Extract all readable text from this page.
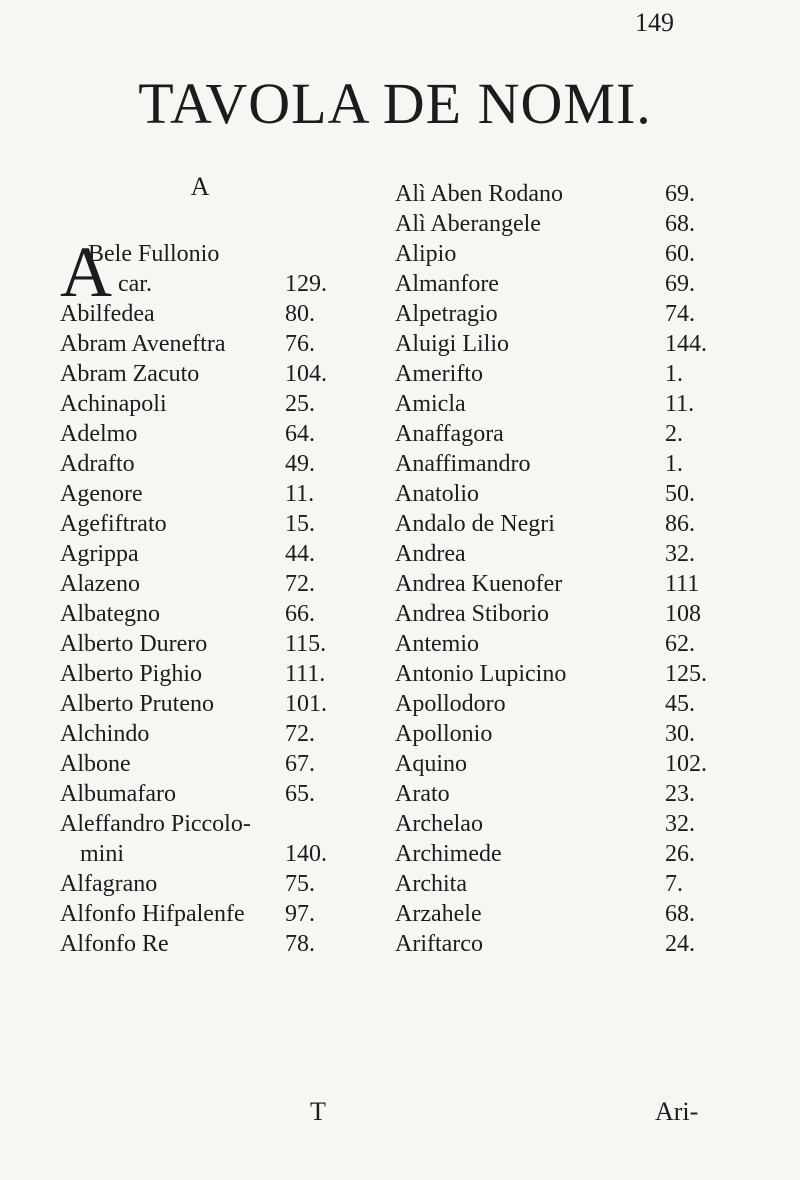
149
TAVOLA DE NOMI.
A
A
Bele Fullonio
car.	129.
Abilfedea	80.
Abram Aveneftra 76.
Abram Zacuto	104.
Achinapoli	25.
Adelmo	64.
Adrafto	49.
Agenore	11.
Agefiftrato	15.
Agrippa	44.
Alazeno	72.
Albategno	66.
Alberto Durero	115.
Alberto Pighio	111.
Alberto Pruteno	101.
Alchindo	72.
Albone	67.
Albumafaro	65.
Aleffandro Piccolo-
mini	140.
Alfagrano	75.
Alfonfo Hifpalenfe 97.
Alfonfo Re	78.
Alì Aben Rodano	69.
Alì Aberangele	68.
Alipio	60.
Almanfore	69.
Alpetragio	74.
Aluigi Lilio	144.
Amerifto	1.
Amicla	11.
Anaffagora	2.
Anaffimandro	1.
Anatolio	50.
Andalo de Negri	86.
Andrea	32.
Andrea Kuenofer	111
Andrea Stiborio	108
Antemio	62.
Antonio Lupicino	125.
Apollodoro	45.
Apollonio	30.
Aquino	102.
Arato	23.
Archelao	32.
Archimede	26.
Archita	7.
Arzahele	68.
Ariftarco	24.
T	Ari-
